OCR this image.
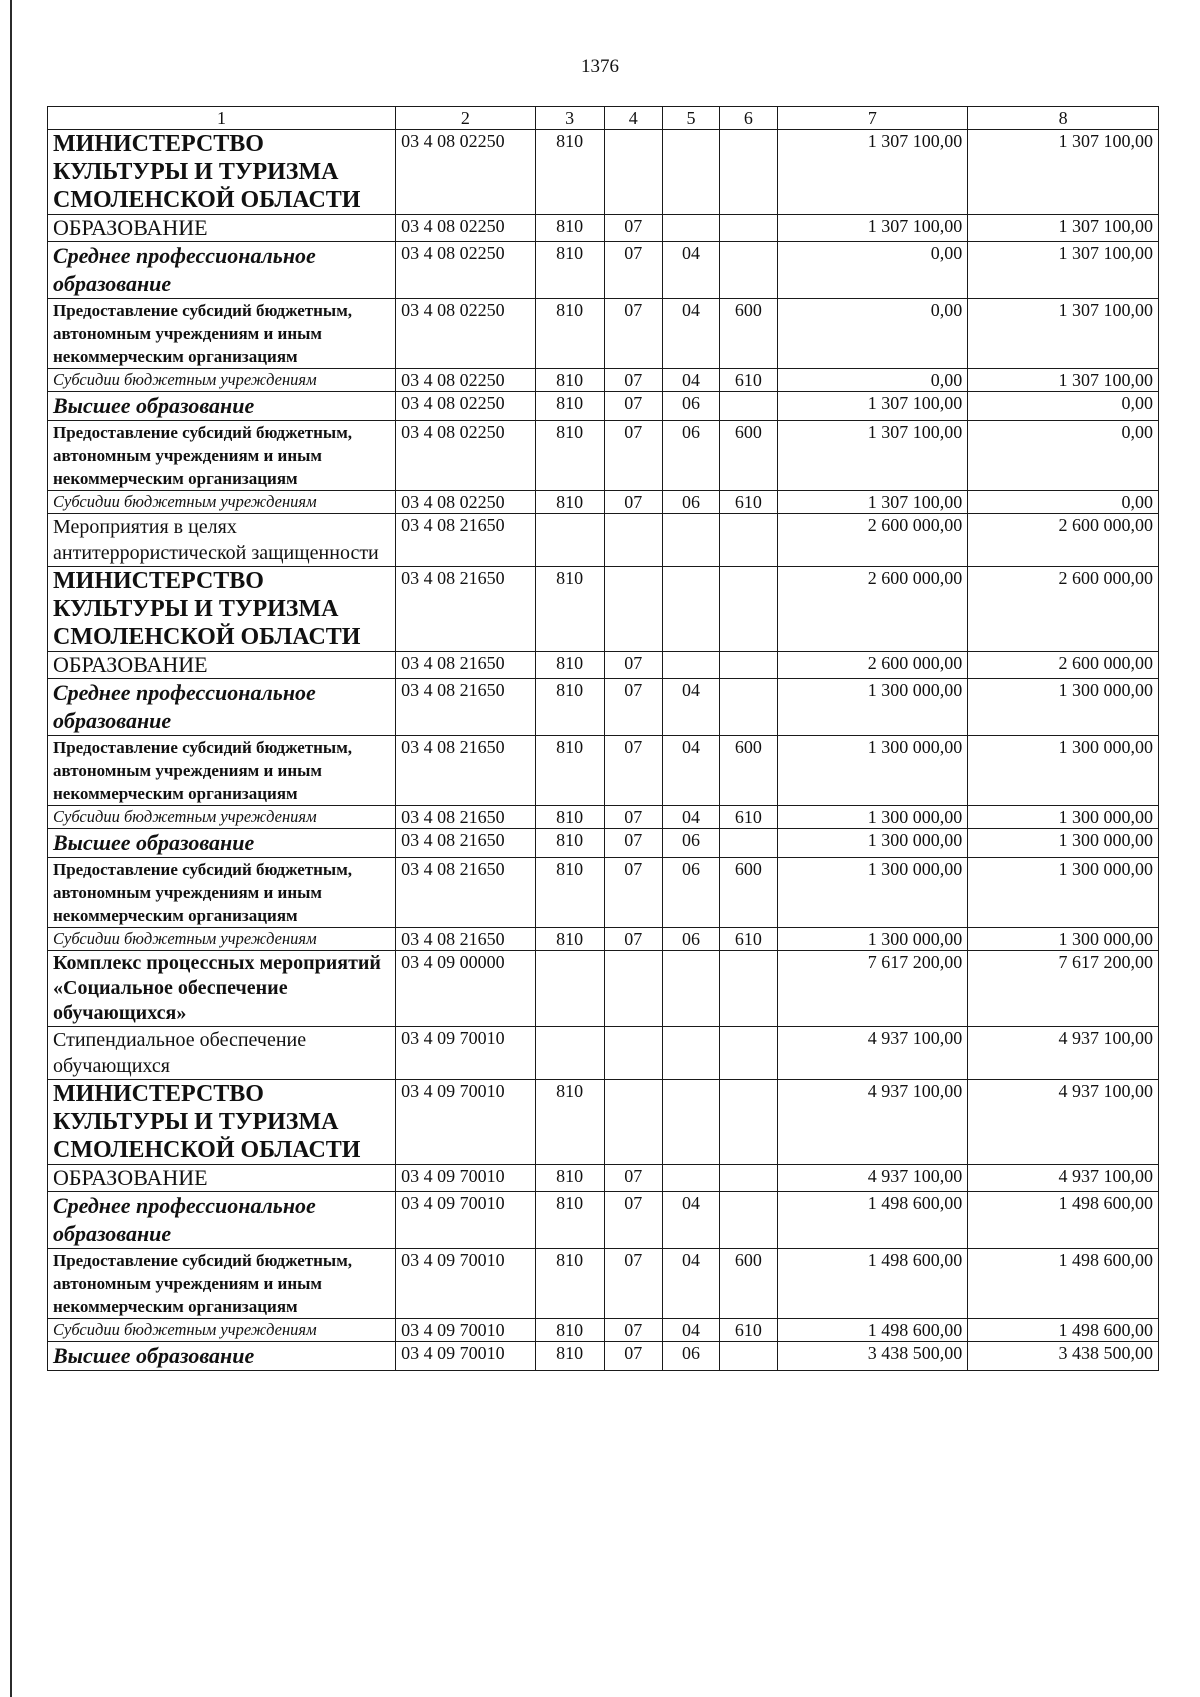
1376
1	2	3	4	5	6	7	8
МИНИСТЕРСТВО КУЛЬТУРЫ И ТУРИЗМА СМОЛЕНСКОЙ ОБЛАСТИ	03 4 08 02250	810				1 307 100,00	1 307 100,00
ОБРАЗОВАНИЕ	03 4 08 02250	810	07			1 307 100,00	1 307 100,00
Среднее профессиональное образование	03 4 08 02250	810	07	04		0,00	1 307 100,00
Предоставление субсидий бюджетным, автономным учреждениям и иным некоммерческим организациям	03 4 08 02250	810	07	04	600	0,00	1 307 100,00
Субсидии бюджетным учреждениям	03 4 08 02250	810	07	04	610	0,00	1 307 100,00
Высшее образование	03 4 08 02250	810	07	06		1 307 100,00	0,00
Предоставление субсидий бюджетным, автономным учреждениям и иным некоммерческим организациям	03 4 08 02250	810	07	06	600	1 307 100,00	0,00
Субсидии бюджетным учреждениям	03 4 08 02250	810	07	06	610	1 307 100,00	0,00
Мероприятия в целях антитеррористической защищенности	03 4 08 21650					2 600 000,00	2 600 000,00
МИНИСТЕРСТВО КУЛЬТУРЫ И ТУРИЗМА СМОЛЕНСКОЙ ОБЛАСТИ	03 4 08 21650	810				2 600 000,00	2 600 000,00
ОБРАЗОВАНИЕ	03 4 08 21650	810	07			2 600 000,00	2 600 000,00
Среднее профессиональное образование	03 4 08 21650	810	07	04		1 300 000,00	1 300 000,00
Предоставление субсидий бюджетным, автономным учреждениям и иным некоммерческим организациям	03 4 08 21650	810	07	04	600	1 300 000,00	1 300 000,00
Субсидии бюджетным учреждениям	03 4 08 21650	810	07	04	610	1 300 000,00	1 300 000,00
Высшее образование	03 4 08 21650	810	07	06		1 300 000,00	1 300 000,00
Предоставление субсидий бюджетным, автономным учреждениям и иным некоммерческим организациям	03 4 08 21650	810	07	06	600	1 300 000,00	1 300 000,00
Субсидии бюджетным учреждениям	03 4 08 21650	810	07	06	610	1 300 000,00	1 300 000,00
Комплекс процессных мероприятий «Социальное обеспечение обучающихся»	03 4 09 00000					7 617 200,00	7 617 200,00
Стипендиальное обеспечение обучающихся	03 4 09 70010					4 937 100,00	4 937 100,00
МИНИСТЕРСТВО КУЛЬТУРЫ И ТУРИЗМА СМОЛЕНСКОЙ ОБЛАСТИ	03 4 09 70010	810				4 937 100,00	4 937 100,00
ОБРАЗОВАНИЕ	03 4 09 70010	810	07			4 937 100,00	4 937 100,00
Среднее профессиональное образование	03 4 09 70010	810	07	04		1 498 600,00	1 498 600,00
Предоставление субсидий бюджетным, автономным учреждениям и иным некоммерческим организациям	03 4 09 70010	810	07	04	600	1 498 600,00	1 498 600,00
Субсидии бюджетным учреждениям	03 4 09 70010	810	07	04	610	1 498 600,00	1 498 600,00
Высшее образование	03 4 09 70010	810	07	06		3 438 500,00	3 438 500,00
